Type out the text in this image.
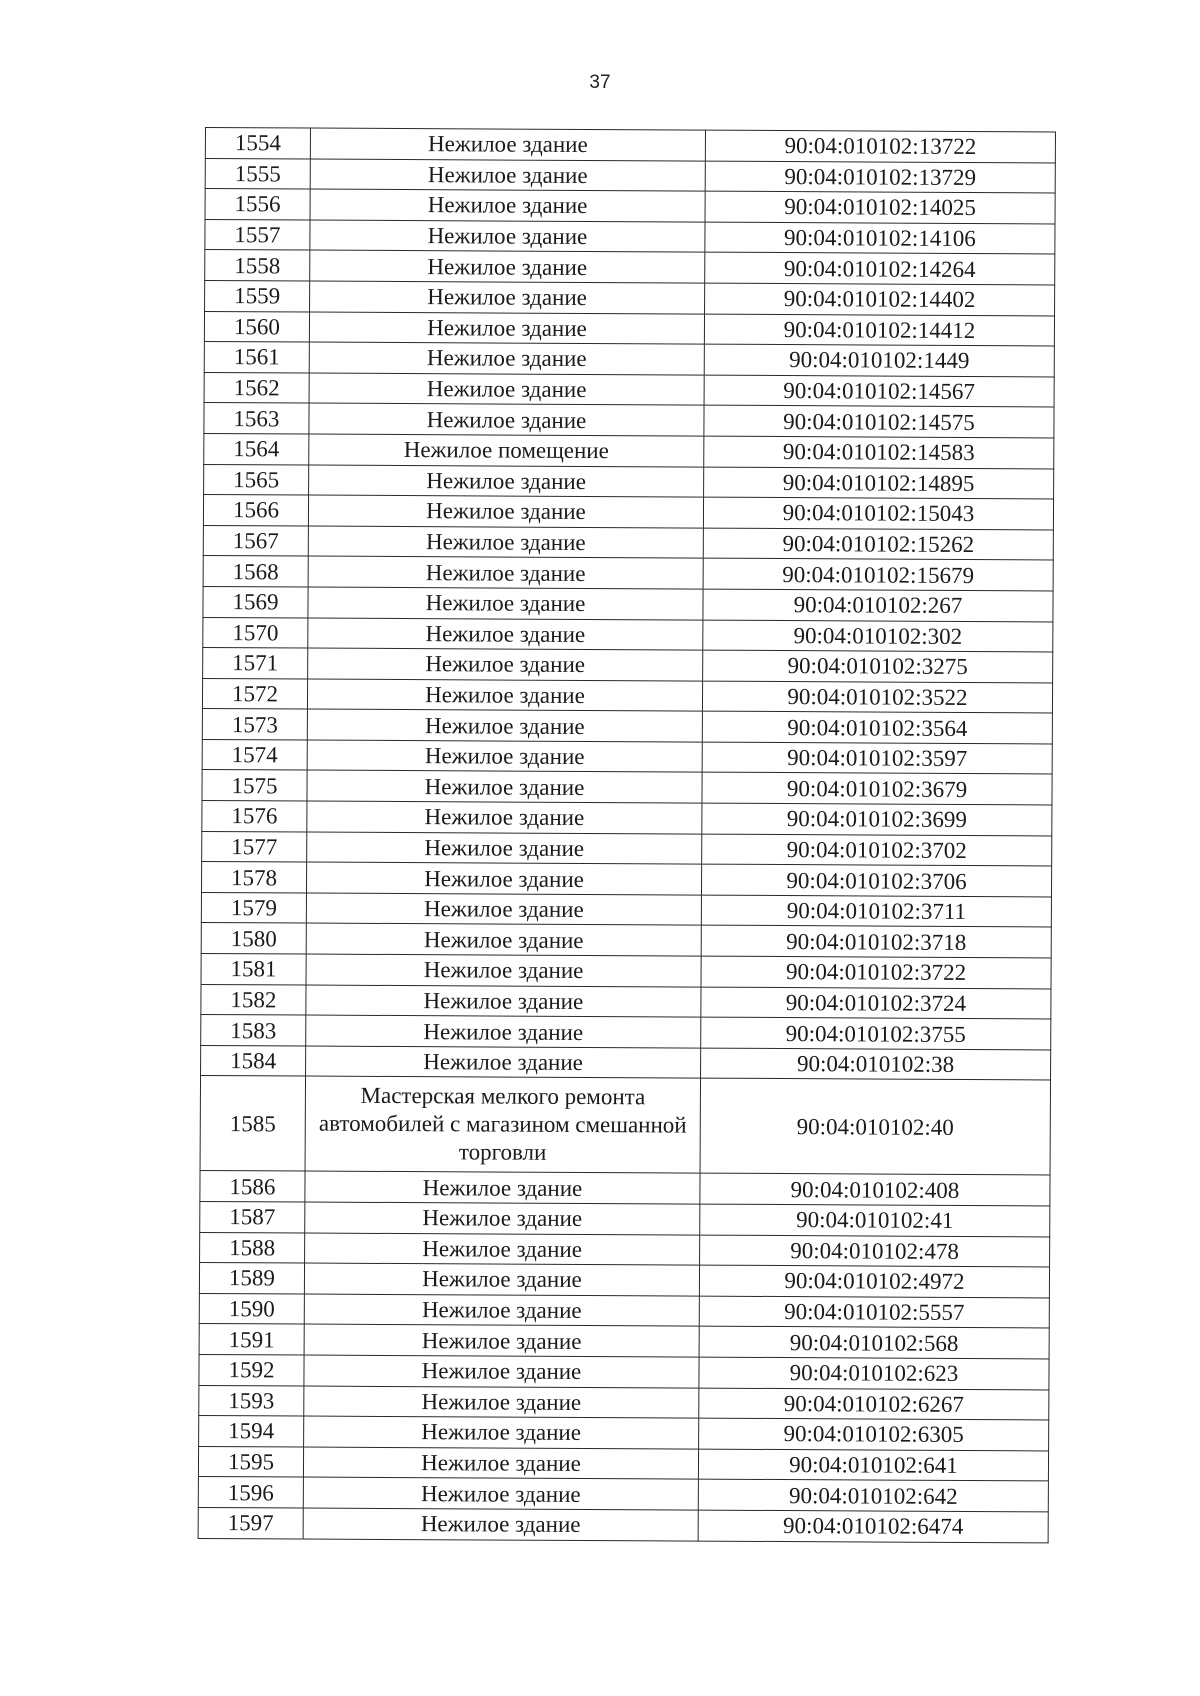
37
1554	Нежилое здание	90:04:010102:13722
1555	Нежилое здание	90:04:010102:13729
1556	Нежилое здание	90:04:010102:14025
1557	Нежилое здание	90:04:010102:14106
1558	Нежилое здание	90:04:010102:14264
1559	Нежилое здание	90:04:010102:14402
1560	Нежилое здание	90:04:010102:14412
1561	Нежилое здание	90:04:010102:1449
1562	Нежилое здание	90:04:010102:14567
1563	Нежилое здание	90:04:010102:14575
1564	Нежилое помещение	90:04:010102:14583
1565	Нежилое здание	90:04:010102:14895
1566	Нежилое здание	90:04:010102:15043
1567	Нежилое здание	90:04:010102:15262
1568	Нежилое здание	90:04:010102:15679
1569	Нежилое здание	90:04:010102:267
1570	Нежилое здание	90:04:010102:302
1571	Нежилое здание	90:04:010102:3275
1572	Нежилое здание	90:04:010102:3522
1573	Нежилое здание	90:04:010102:3564
1574	Нежилое здание	90:04:010102:3597
1575	Нежилое здание	90:04:010102:3679
1576	Нежилое здание	90:04:010102:3699
1577	Нежилое здание	90:04:010102:3702
1578	Нежилое здание	90:04:010102:3706
1579	Нежилое здание	90:04:010102:3711
1580	Нежилое здание	90:04:010102:3718
1581	Нежилое здание	90:04:010102:3722
1582	Нежилое здание	90:04:010102:3724
1583	Нежилое здание	90:04:010102:3755
1584	Нежилое здание	90:04:010102:38
1585	Мастерская мелкого ремонта автомобилей с магазином смешанной торговли	90:04:010102:40
1586	Нежилое здание	90:04:010102:408
1587	Нежилое здание	90:04:010102:41
1588	Нежилое здание	90:04:010102:478
1589	Нежилое здание	90:04:010102:4972
1590	Нежилое здание	90:04:010102:5557
1591	Нежилое здание	90:04:010102:568
1592	Нежилое здание	90:04:010102:623
1593	Нежилое здание	90:04:010102:6267
1594	Нежилое здание	90:04:010102:6305
1595	Нежилое здание	90:04:010102:641
1596	Нежилое здание	90:04:010102:642
1597	Нежилое здание	90:04:010102:6474
